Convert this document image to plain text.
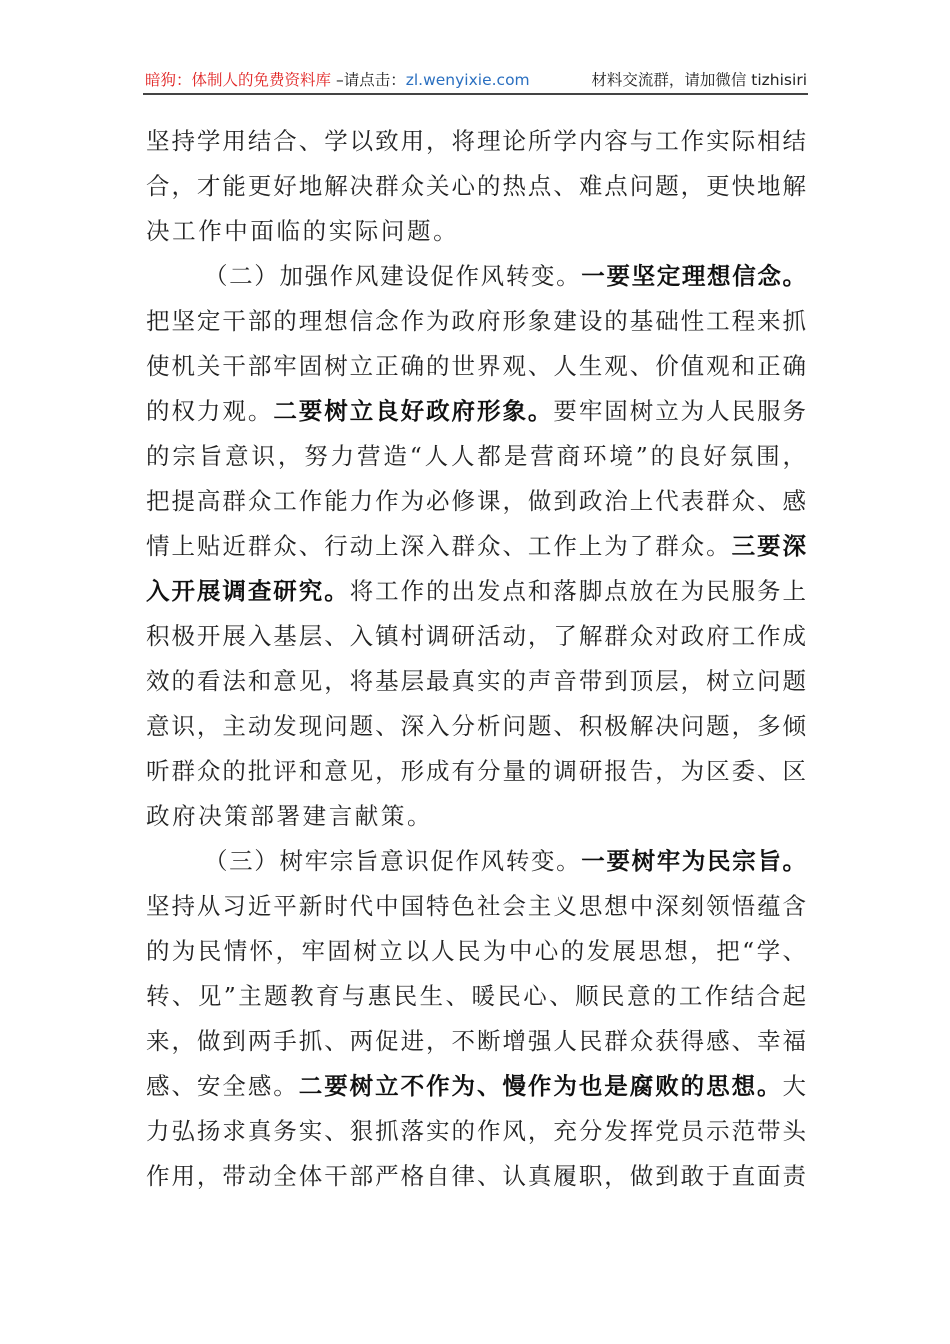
暗狗：体制人的免费资料库 –请点击：zl.wenyixie.com	材料交流群，请加微信 tizhisiri
坚持学用结合、学以致用，将理论所学内容与工作实际相结
合，才能更好地解决群众关心的热点、难点问题，更快地解
决工作中面临的实际问题。
（二）加强作风建设促作风转变。一要坚定理想信念。
把坚定干部的理想信念作为政府形象建设的基础性工程来抓
使机关干部牢固树立正确的世界观、人生观、价值观和正确
的权力观。二要树立良好政府形象。要牢固树立为人民服务
的宗旨意识，努力营造“人人都是营商环境”的良好氛围，
把提高群众工作能力作为必修课，做到政治上代表群众、感
情上贴近群众、行动上深入群众、工作上为了群众。三要深
入开展调查研究。将工作的出发点和落脚点放在为民服务上
积极开展入基层、入镇村调研活动，了解群众对政府工作成
效的看法和意见，将基层最真实的声音带到顶层，树立问题
意识，主动发现问题、深入分析问题、积极解决问题，多倾
听群众的批评和意见，形成有分量的调研报告，为区委、区
政府决策部署建言献策。
（三）树牢宗旨意识促作风转变。一要树牢为民宗旨。
坚持从习近平新时代中国特色社会主义思想中深刻领悟蕴含
的为民情怀，牢固树立以人民为中心的发展思想，把“学、
转、见”主题教育与惠民生、暖民心、顺民意的工作结合起
来，做到两手抓、两促进，不断增强人民群众获得感、幸福
感、安全感。二要树立不作为、慢作为也是腐败的思想。大
力弘扬求真务实、狠抓落实的作风，充分发挥党员示范带头
作用，带动全体干部严格自律、认真履职，做到敢于直面责
